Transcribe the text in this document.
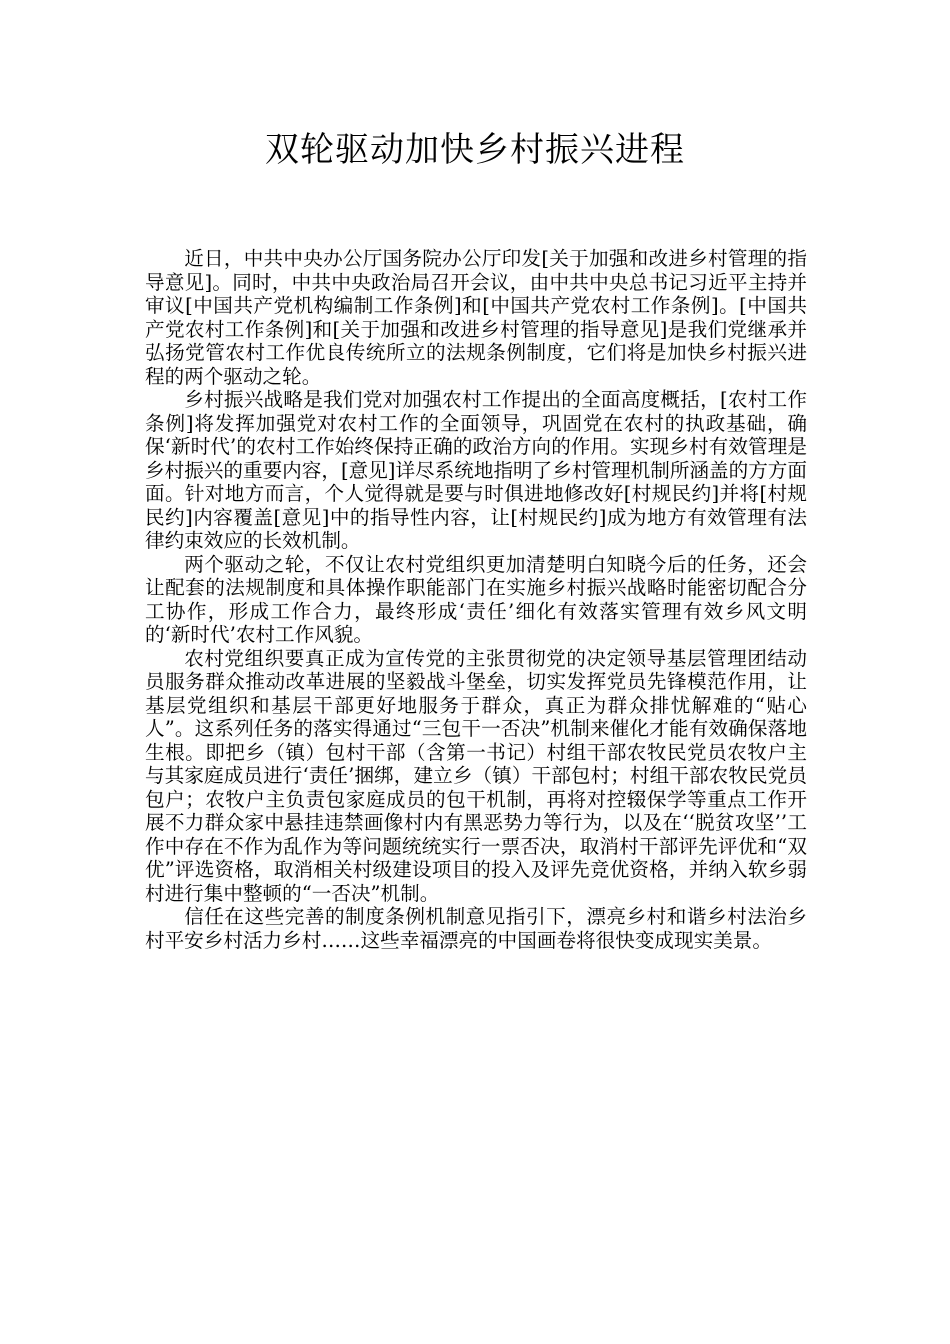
双轮驱动加快乡村振兴进程

近日，中共中央办公厅国务院办公厅印发[关于加强和改进乡村管理的指导意见]。同时，中共中央政治局召开会议，由中共中央总书记习近平主持并审议[中国共产党机构编制工作条例]和[中国共产党农村工作条例]。[中国共产党农村工作条例]和[关于加强和改进乡村管理的指导意见]是我们党继承并弘扬党管农村工作优良传统所立的法规条例制度，它们将是加快乡村振兴进程的两个驱动之轮。

乡村振兴战略是我们党对加强农村工作提出的全面高度概括，[农村工作条例]将发挥加强党对农村工作的全面领导，巩固党在农村的执政基础，确保‘新时代’的农村工作始终保持正确的政治方向的作用。实现乡村有效管理是乡村振兴的重要内容，[意见]详尽系统地指明了乡村管理机制所涵盖的方方面面。针对地方而言，个人觉得就是要与时俱进地修改好[村规民约]并将[村规民约]内容覆盖[意见]中的指导性内容，让[村规民约]成为地方有效管理有法律约束效应的长效机制。

两个驱动之轮，不仅让农村党组织更加清楚明白知晓今后的任务，还会让配套的法规制度和具体操作职能部门在实施乡村振兴战略时能密切配合分工协作，形成工作合力，最终形成‘责任’细化有效落实管理有效乡风文明的‘新时代’农村工作风貌。

农村党组织要真正成为宣传党的主张贯彻党的决定领导基层管理团结动员服务群众推动改革进展的坚毅战斗堡垒，切实发挥党员先锋模范作用，让基层党组织和基层干部更好地服务于群众，真正为群众排忧解难的“贴心人”。这系列任务的落实得通过“三包干一否决”机制来催化才能有效确保落地生根。即把乡（镇）包村干部（含第一书记）村组干部农牧民党员农牧户主与其家庭成员进行‘责任’捆绑，建立乡（镇）干部包村；村组干部农牧民党员包户；农牧户主负责包家庭成员的包干机制，再将对控辍保学等重点工作开展不力群众家中悬挂违禁画像村内有黑恶势力等行为，以及在‘‘脱贫攻坚’’工作中存在不作为乱作为等问题统统实行一票否决，取消村干部评先评优和“双优”评选资格，取消相关村级建设项目的投入及评先竞优资格，并纳入软乡弱村进行集中整顿的“一否决”机制。

信任在这些完善的制度条例机制意见指引下，漂亮乡村和谐乡村法治乡村平安乡村活力乡村……这些幸福漂亮的中国画卷将很快变成现实美景。
